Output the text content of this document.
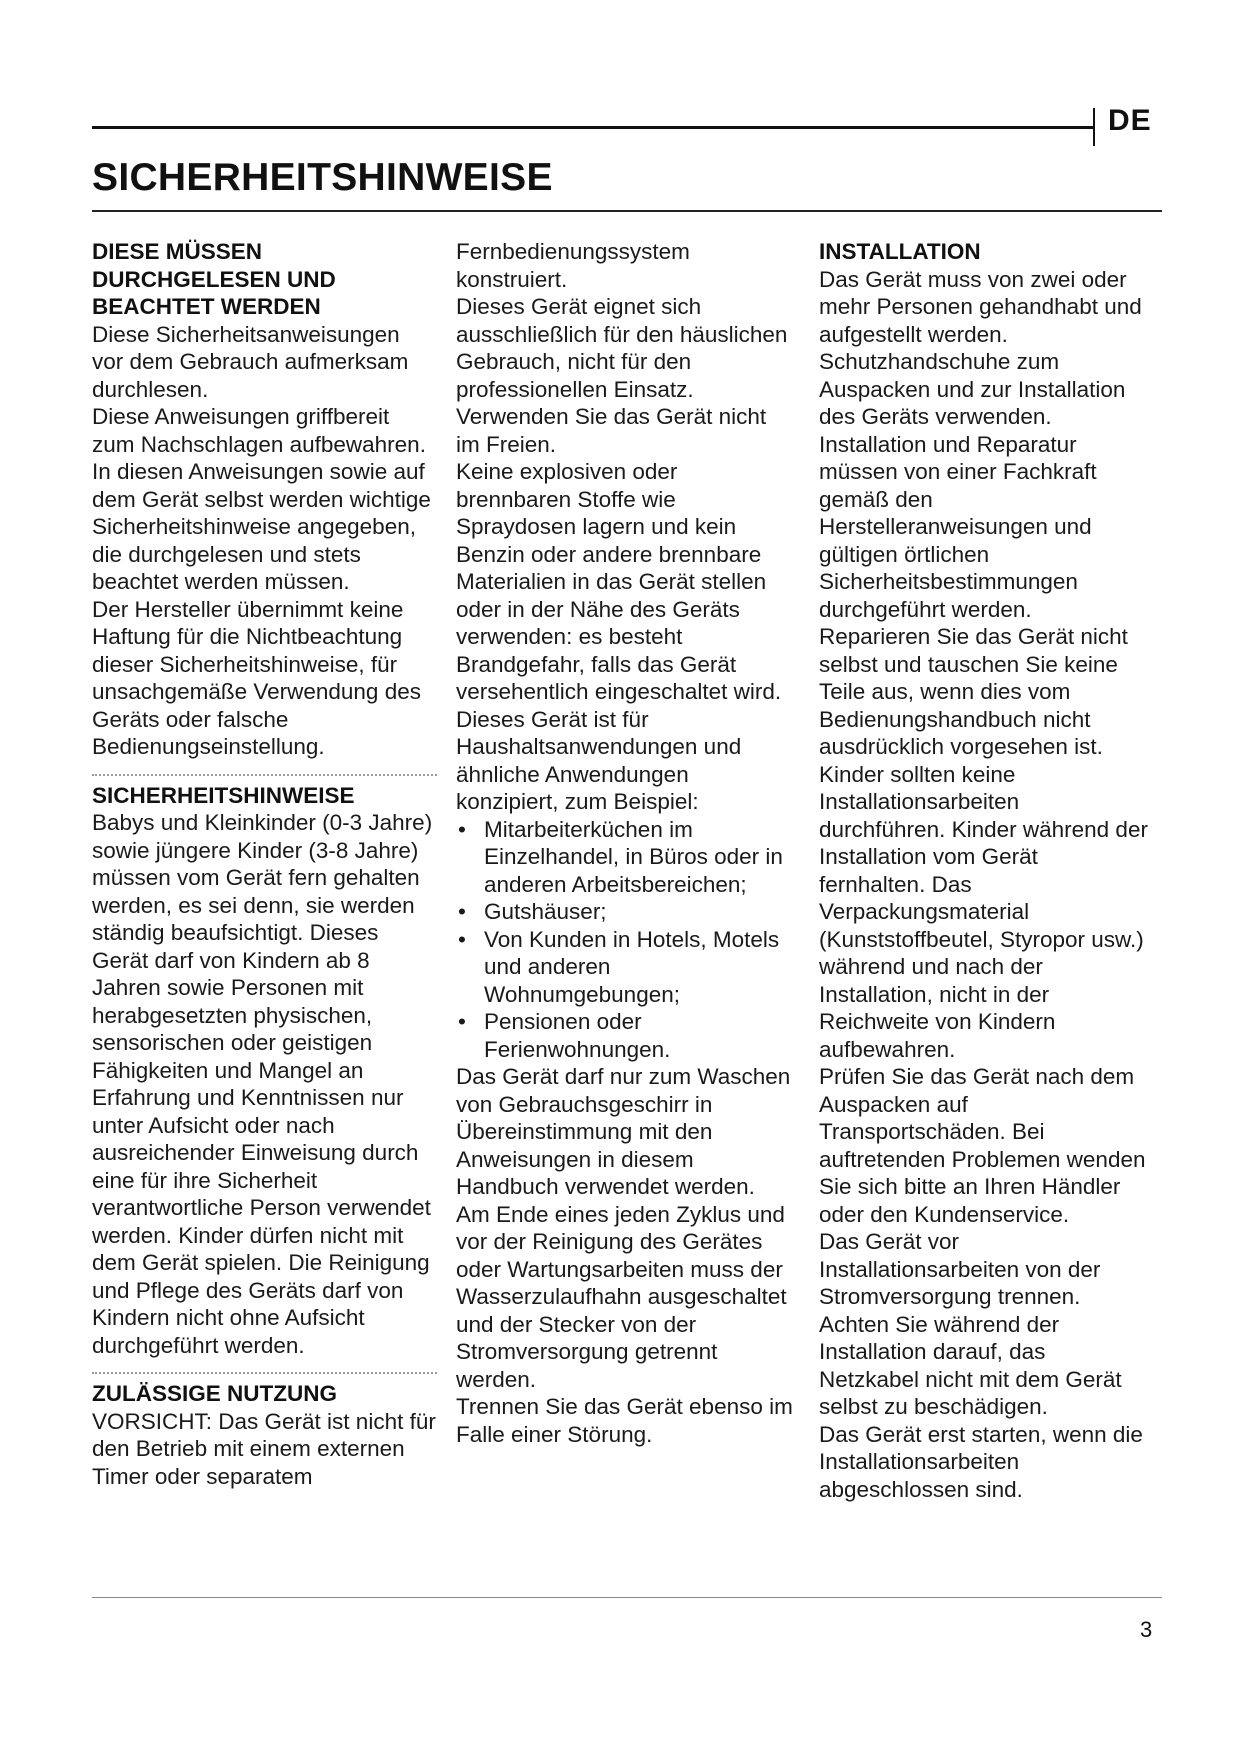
DE
SICHERHEITSHINWEISE
DIESE MÜSSEN DURCHGELESEN UND BEACHTET WERDEN
Diese Sicherheitsanweisungen vor dem Gebrauch aufmerksam durchlesen.
Diese Anweisungen griffbereit zum Nachschlagen aufbewahren.
In diesen Anweisungen sowie auf dem Gerät selbst werden wichtige Sicherheitshinweise angegeben, die durchgelesen und stets beachtet werden müssen.
Der Hersteller übernimmt keine Haftung für die Nichtbeachtung dieser Sicherheitshinweise, für unsachgemäße Verwendung des Geräts oder falsche Bedienungseinstellung.
SICHERHEITSHINWEISE
Babys und Kleinkinder (0-3 Jahre) sowie jüngere Kinder (3-8 Jahre) müssen vom Gerät fern gehalten werden, es sei denn, sie werden ständig beaufsichtigt. Dieses Gerät darf von Kindern ab 8 Jahren sowie Personen mit herabgesetzten physischen, sensorischen oder geistigen Fähigkeiten und Mangel an Erfahrung und Kenntnissen nur unter Aufsicht oder nach ausreichender Einweisung durch eine für ihre Sicherheit verantwortliche Person verwendet werden. Kinder dürfen nicht mit dem Gerät spielen. Die Reinigung und Pflege des Geräts darf von Kindern nicht ohne Aufsicht durchgeführt werden.
ZULÄSSIGE NUTZUNG
VORSICHT: Das Gerät ist nicht für den Betrieb mit einem externen Timer oder separatem
Fernbedienungssystem konstruiert.
Dieses Gerät eignet sich ausschließlich für den häuslichen Gebrauch, nicht für den professionellen Einsatz.
Verwenden Sie das Gerät nicht im Freien.
Keine explosiven oder brennbaren Stoffe wie Spraydosen lagern und kein Benzin oder andere brennbare Materialien in das Gerät stellen oder in der Nähe des Geräts verwenden: es besteht Brandgefahr, falls das Gerät versehentlich eingeschaltet wird.
Dieses Gerät ist für Haushaltsanwendungen und ähnliche Anwendungen konzipiert, zum Beispiel:
• Mitarbeiterküchen im Einzelhandel, in Büros oder in anderen Arbeitsbereichen;
• Gutshäuser;
• Von Kunden in Hotels, Motels und anderen Wohnumgebungen;
• Pensionen oder Ferienwohnungen.
Das Gerät darf nur zum Waschen von Gebrauchsgeschirr in Übereinstimmung mit den Anweisungen in diesem Handbuch verwendet werden.
Am Ende eines jeden Zyklus und vor der Reinigung des Gerätes oder Wartungsarbeiten muss der Wasserzulaufhahn ausgeschaltet und der Stecker von der Stromversorgung getrennt werden.
Trennen Sie das Gerät ebenso im Falle einer Störung.
INSTALLATION
Das Gerät muss von zwei oder mehr Personen gehandhabt und aufgestellt werden.
Schutzhandschuhe zum Auspacken und zur Installation des Geräts verwenden.
Installation und Reparatur müssen von einer Fachkraft gemäß den Herstelleranweisungen und gültigen örtlichen Sicherheitsbestimmungen durchgeführt werden.
Reparieren Sie das Gerät nicht selbst und tauschen Sie keine Teile aus, wenn dies vom Bedienungshandbuch nicht ausdrücklich vorgesehen ist.
Kinder sollten keine Installationsarbeiten durchführen. Kinder während der Installation vom Gerät fernhalten. Das Verpackungsmaterial (Kunststoffbeutel, Styropor usw.) während und nach der Installation, nicht in der Reichweite von Kindern aufbewahren.
Prüfen Sie das Gerät nach dem Auspacken auf Transportschäden. Bei auftretenden Problemen wenden Sie sich bitte an Ihren Händler oder den Kundenservice.
Das Gerät vor Installationsarbeiten von der Stromversorgung trennen.
Achten Sie während der Installation darauf, das Netzkabel nicht mit dem Gerät selbst zu beschädigen.
Das Gerät erst starten, wenn die Installationsarbeiten abgeschlossen sind.
3
